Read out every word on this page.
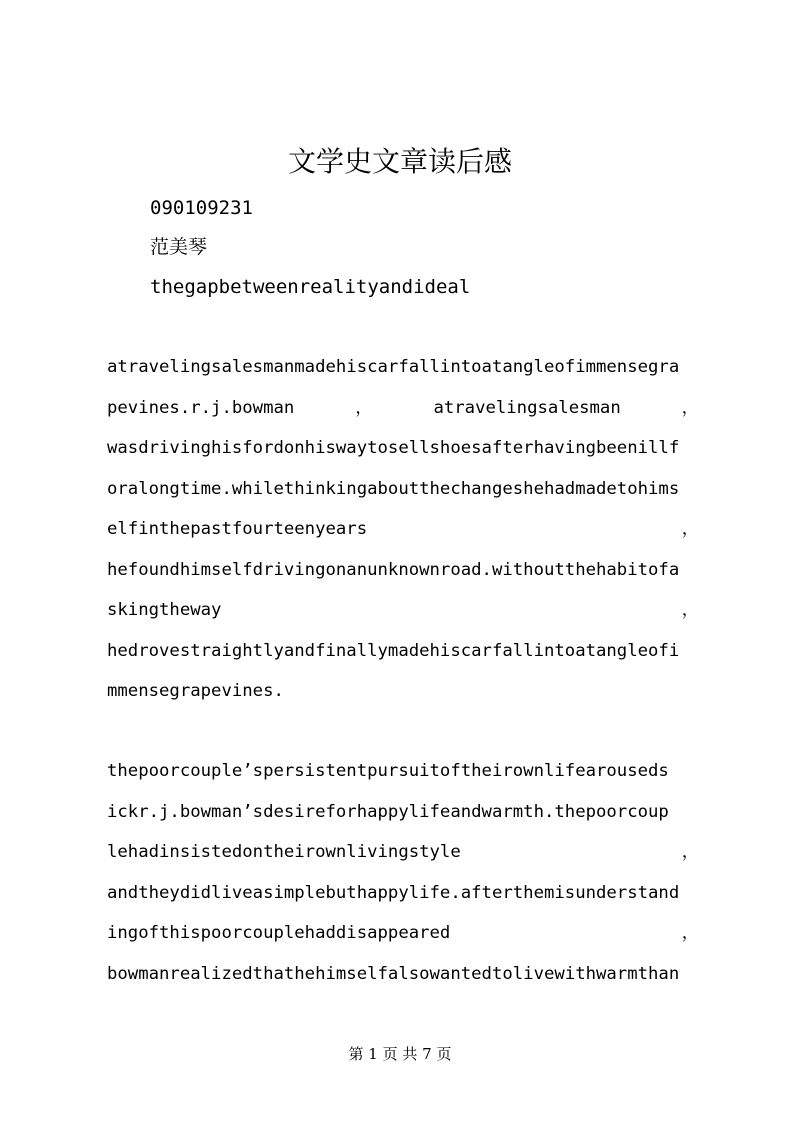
文学史文章读后感
090109231
范美琴
thegapbetweenrealityandideal
atravelingsalesmanmadehiscarfallintoatangleofimmensegra
pevines.r.j.bowman	，	atravelingsalesman	，
wasdrivinghisfordonhiswaytosellshoesafterhavingbeenillf
oralongtime.whilethinkingaboutthechangeshehadmadetohims
elfinthepastfourteenyears	，
hefoundhimselfdrivingonanunknownroad.withoutthehabitofa
skingtheway	，
hedrovestraightlyandfinallymadehiscarfallintoatangleofi
mmensegrapevines.
thepoorcouple’spersistentpursuitoftheirownlifearouseds
ickr.j.bowman’sdesireforhappylifeandwarmth.thepoorcoup
lehadinsistedontheirownlivingstyle	，
andtheydidliveasimplebuthappylife.afterthemisunderstand
ingofthispoorcouplehaddisappeared	，
bowmanrealizedthathehimselfalsowantedtolivewithwarmthan
第 1 页 共 7 页
